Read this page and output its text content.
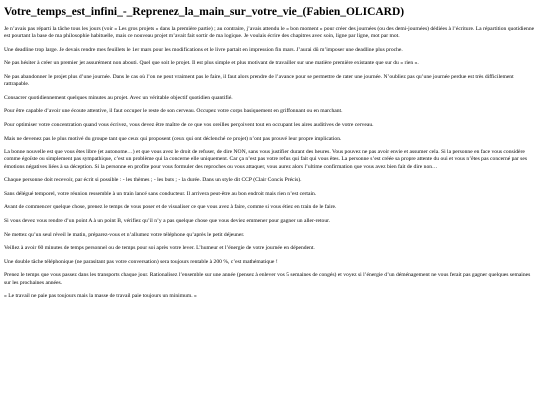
Votre_temps_est_infini_-_Reprenez_la_main_sur_votre_vie_(Fabien_OLICARD)

Je n’avais pas réparti la tâche tous les jours (voir « Les gros projets » dans la première partie) ; au contraire, j’avais attendu le « bon moment » pour créer des journées (ou des demi-journées) dédiées à l’écriture. La répartition quotidienne est pourtant la base de ma philosophie habituelle, mais ce nouveau projet m’avait fait sortir de ma logique. Je voulais écrire des chapitres avec soin, ligne par ligne, mot par mot.

Une deadline trop large. Je devais rendre mes feuillets le 1er mars pour les modifications et le livre partait en impression fin mars. J’aurai dû m’imposer une deadline plus proche.

Ne pas hésiter à créer un premier jet assurément non abouti. Quel que soit le projet. Il est plus simple et plus motivant de travailler sur une matière première existante que sur du « rien ».

Ne pas abandonner le projet plus d’une journée. Dans le cas où l’on ne peut vraiment pas le faire, il faut alors prendre de l’avance pour se permettre de rater une journée. N’oubliez pas qu’une journée perdue est très difficilement rattrapable.

Consacrer quotidiennement quelques minutes au projet. Avec un véritable objectif quotidien quantifié.

Pour être capable d’avoir une écoute attentive, il faut occuper le reste de son cerveau. Occupez votre corps basiquement en griffonnant ou en marchant.

Pour optimiser votre concentration quand vous écrivez, vous devez être maître de ce que vos oreilles perçoivent tout en occupant les aires auditives de votre cerveau.

Mais ne devenez pas le plus motivé du groupe tant que ceux qui proposent (ceux qui ont déclenché ce projet) n’ont pas prouvé leur propre implication.

La bonne nouvelle est que vous êtes libre (et autonome…) et que vous avez le droit de refuser, de dire NON, sans vous justifier durant des heures. Vous pouvez ne pas avoir envie et assumer cela. Si la personne en face vous considère comme égoïste ou simplement pas sympathique, c’est un problème qui la concerne elle uniquement. Car ça n’est pas votre refus qui fait qui vous êtes. La personne s’est créée sa propre attente du oui et vous n’êtes pas concerné par ses émotions négatives liées à sa déception. Si la personne en profite pour vous formuler des reproches ou vous attaquer, vous aurez alors l’ultime confirmation que vous avez bien fait de dire non…

Chaque personne doit recevoir, par écrit si possible : - les thèmes ; - les buts ; - la durée. Dans un style dit CCP (Clair Concis Précis).

Sans délégué temporel, votre réunion ressemble à un train lancé sans conducteur. Il arrivera peut-être au bon endroit mais rien n’est certain.

Avant de commencer quelque chose, prenez le temps de vous poser et de visualiser ce que vous avez à faire, comme si vous étiez en train de le faire.

Si vous devez vous rendre d’un point A à un point B, vérifiez qu’il n’y a pas quelque chose que vous deviez emmener pour gagner un aller-retour.

Ne mettez qu’un seul réveil le matin, préparez-vous et n’allumez votre téléphone qu’après le petit déjeuner.

Veillez à avoir 60 minutes de temps personnel ou de temps pour soi après votre lever. L’humeur et l’énergie de votre journée en dépendent.

Une double tâche téléphonique (ne parasitant pas votre conversation) sera toujours rentable à 200 %, c’est mathématique !

Prenez le temps que vous passez dans les transports chaque jour. Rationalisez l’ensemble sur une année (pensez à enlever vos 5 semaines de congés) et voyez si l’énergie d’un déménagement ne vous ferait pas gagner quelques semaines sur les prochaines années.

« Le travail ne paie pas toujours mais la masse de travail paie toujours un minimum. »
